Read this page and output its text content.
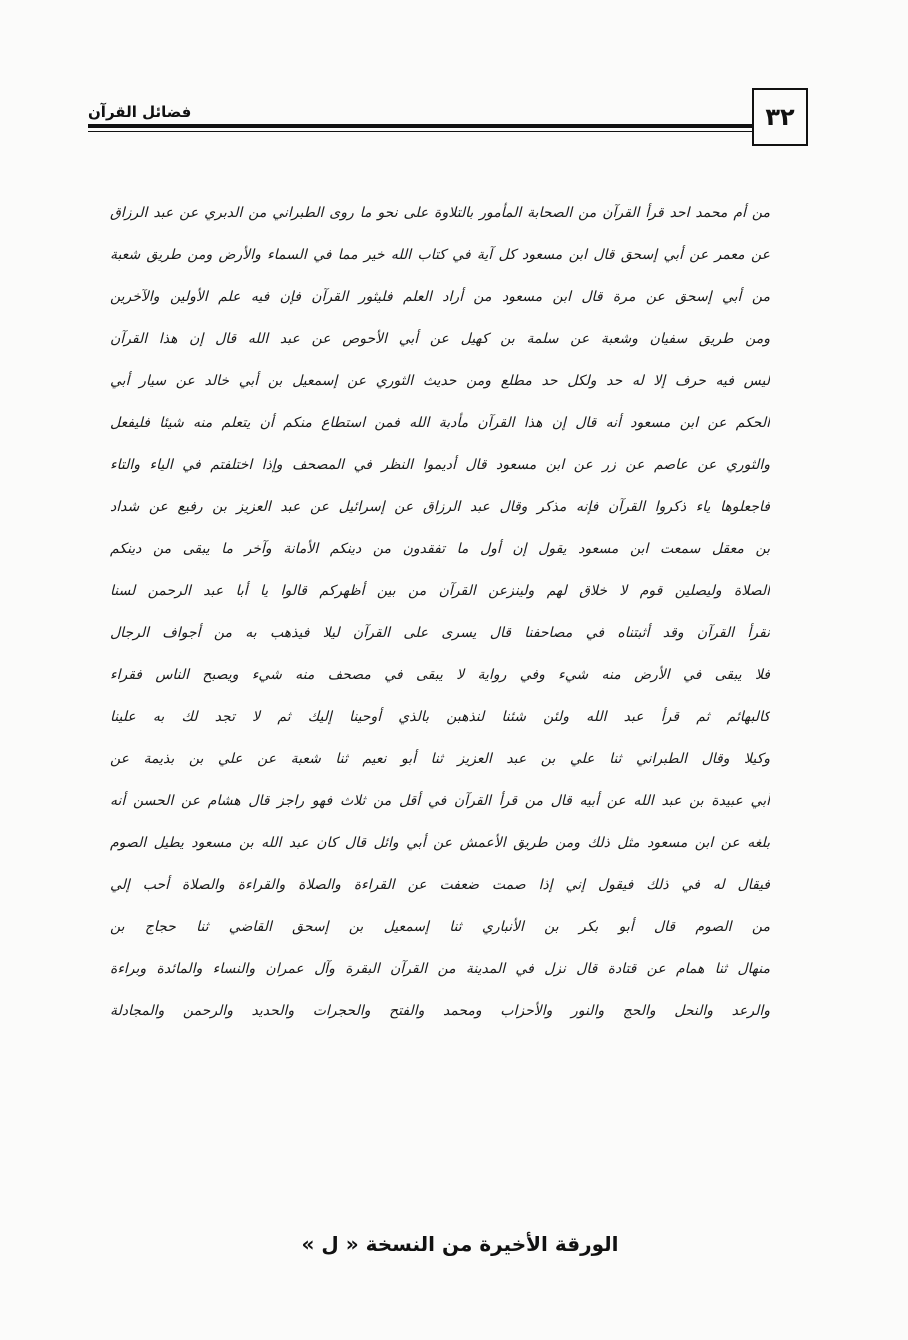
٣٢
فضائل القرآن
من أم محمد احد قرأ القرآن من الصحابة المأمور بالتلاوة على نحو ما روى الطبراني من الدبري عن عبد الرزاق
عن معمر عن أبي إسحق قال ابن مسعود كل آية في كتاب الله خير مما في السماء والأرض ومن طريق شعبة
من أبي إسحق عن مرة قال ابن مسعود من أراد العلم فليثور القرآن فإن فيه علم الأولين والآخرين
ومن طريق سفيان وشعبة عن سلمة بن كهيل عن أبي الأحوص عن عبد الله قال إن هذا القرآن
ليس فيه حرف إلا له حد ولكل حد مطلع ومن حديث الثوري عن إسمعيل بن أبي خالد عن سيار أبي
الحكم عن ابن مسعود أنه قال إن هذا القرآن مأدبة الله فمن استطاع منكم أن يتعلم منه شيئا فليفعل
والثوري عن عاصم عن زر عن ابن مسعود قال أديموا النظر في المصحف وإذا اختلفتم في الياء والتاء
فاجعلوها ياء ذكروا القرآن فإنه مذكر وقال عبد الرزاق عن إسرائيل عن عبد العزيز بن رفيع عن شداد
بن معقل سمعت ابن مسعود يقول إن أول ما تفقدون من دينكم الأمانة وآخر ما يبقى من دينكم
الصلاة وليصلين قوم لا خلاق لهم ولينزعن القرآن من بين أظهركم قالوا يا أبا عبد الرحمن لسنا
نقرأ القرآن وقد أثبتناه في مصاحفنا قال يسرى على القرآن ليلا فيذهب به من أجواف الرجال
فلا يبقى في الأرض منه شيء وفي رواية لا يبقى في مصحف منه شيء ويصبح الناس فقراء
كالبهائم ثم قرأ عبد الله ولئن شئنا لنذهبن بالذي أوحينا إليك ثم لا تجد لك به علينا
وكيلا وقال الطبراني ثنا علي بن عبد العزيز ثنا أبو نعيم ثنا شعبة عن علي بن بذيمة عن
أبي عبيدة بن عبد الله عن أبيه قال من قرأ القرآن في أقل من ثلاث فهو راجز قال هشام عن الحسن أنه
بلغه عن ابن مسعود مثل ذلك ومن طريق الأعمش عن أبي وائل قال كان عبد الله بن مسعود يطيل الصوم
فيقال له في ذلك فيقول إني إذا صمت ضعفت عن القراءة والصلاة والقراءة والصلاة أحب إلي
من الصوم قال أبو بكر بن الأنباري ثنا إسمعيل بن إسحق القاضي ثنا حجاج بن
منهال ثنا همام عن قتادة قال نزل في المدينة من القرآن البقرة وآل عمران والنساء والمائدة وبراءة
والرعد والنحل والحج والنور والأحزاب ومحمد والفتح والحجرات والحديد والرحمن والمجادلة
الورقة الأخيرة من النسخة « ل »
